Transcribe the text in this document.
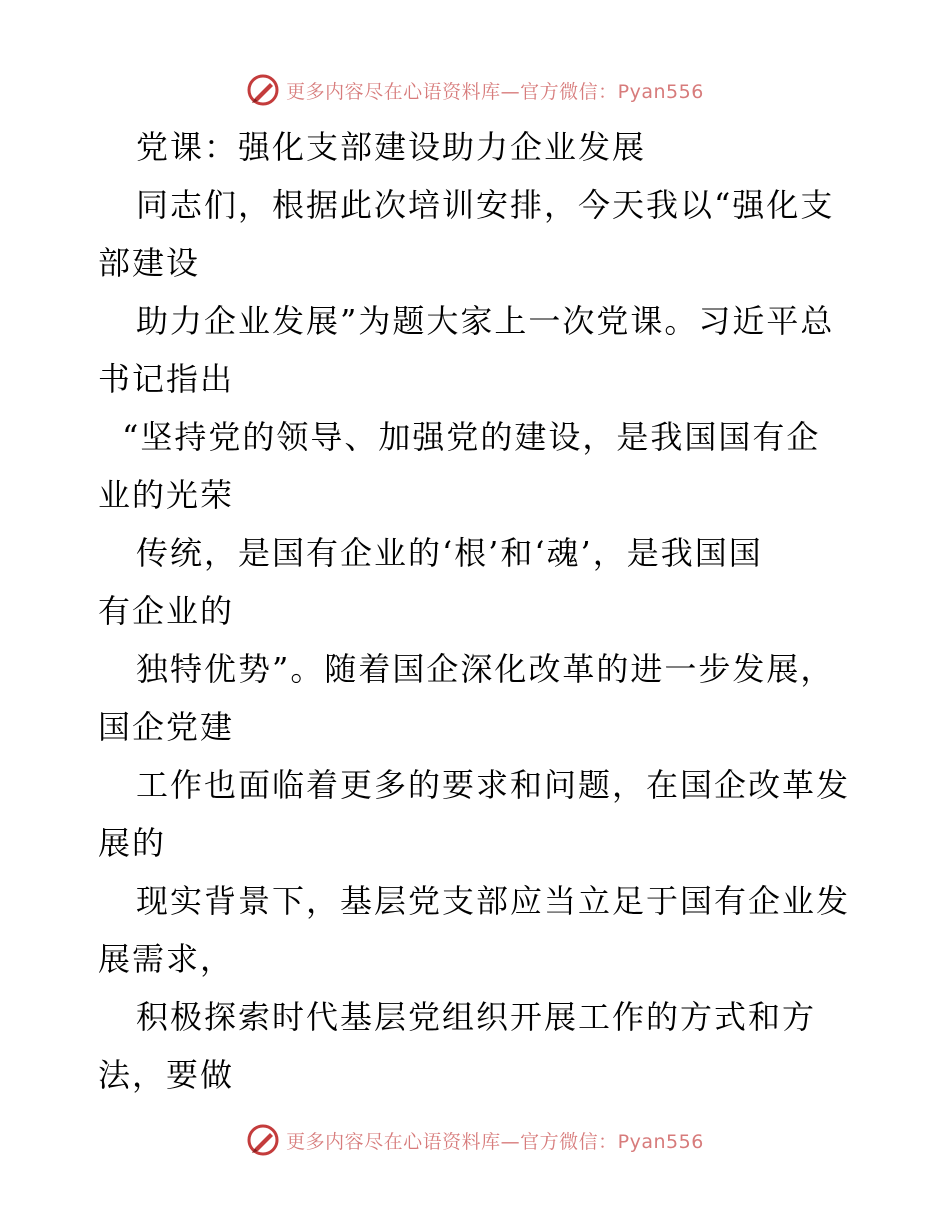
更多内容尽在心语资料库—官方微信：Pyan556
党课：强化支部建设助力企业发展
同志们，根据此次培训安排，今天我以“强化支
部建设
助力企业发展”为题大家上一次党课。习近平总
书记指出
“坚持党的领导、加强党的建设，是我国国有企
业的光荣
传统，是国有企业的‘根’和‘魂’，是我国国
有企业的
独特优势”。随着国企深化改革的进一步发展，
国企党建
工作也面临着更多的要求和问题，在国企改革发
展的
现实背景下，基层党支部应当立足于国有企业发
展需求，
积极探索时代基层党组织开展工作的方式和方
法，要做
更多内容尽在心语资料库—官方微信：Pyan556
